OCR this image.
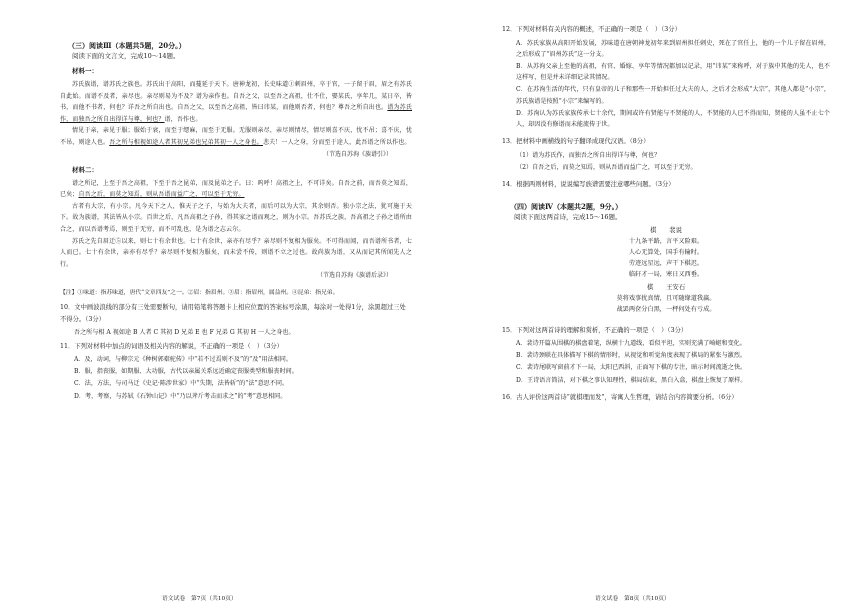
（三）阅读Ⅲ（本题共5题，20分。）
阅读下面的文言文，完成10～14题。
材料一：

苏氏族谱，谱苏氏之族也。苏氏出于高阳，而蔓延于天下。唐神龙初，长史味道①刺眉州，卒于官，一子留于眉，眉之有苏氏自此始。而谱不及者，亲尽也。亲尽则易为不及？谱为亲作也。自吾之父，以至吾之高祖，仕不仕，娶某氏，享年几，某日卒，皆书，而他不书者，何也？详吾之所自出也。自吾之父，以至吾之高祖，皆曰讳某，而他则否者，何也？尊吾之所自出也。谱为苏氏作，而独吾之所自出得详与尊，何也？谱，吾作也。

情见于亲，亲见于服；服始于衰，而至于缌麻，而至于无服。无服则亲尽，亲尽则情尽，情尽则喜不庆，忧不吊；喜不庆，忧不吊，则途人也。吾之所与相视如途人者其初兄弟也兄弟其初一人之身也。悲夫！一人之身，分而至于途人，此吾谱之所以作也。

（节选自苏洵《族谱引》）
材料二：

谱之所记，上至于吾之高祖，下至于吾之昆弟，而及昆弟之子。曰：呜呼！高祖之上，不可详矣。自吾之前，而吾莫之知焉，已矣；自吾之后，而莫之知焉，则从吾谱而益广之，可以至于无穷。

古者有大宗，有小宗。凡今天下之人，惟天子之子，与始为大夫者，而后可以为大宗，其余则否。独小宗之法，犹可施于天下。故为族谱，其法皆从小宗。百世之后，凡吾高祖之子孙，得其家之谱而观之，则为小宗。吾苏氏之族，吾高祖之子孙之谱所由合之，而以吾谱考焉，则至于无穷，而不可乱也，是为谱之志云尔。

苏氏之先自眉迁⑤以来，则七十有余世也。七十有余世，亲亦有尽乎？亲尽则不复相为服矣。不可得而闻，而吾谱所书者，七人而已。七十有余世，亲亦有尽乎？亲尽则不复相为服矣，而未尝不传，则谱不立之过也。故尚族为谱，又从而记其所闻先人之行。

（节选自苏洵《族谱后录》）
【注】①味道：指苏味道，唐代“文章四友”之一。②眉：指眉州。③眉：指眉州，属益州。④昆弟：指兄弟。
10．文中画波浪线的部分有三处需要断句，请用铅笔将答题卡上相应位置的答案标号涂黑，每涂对一处得1分，涂黑超过三处不得分。（3分）
吾之所与相 A 视如途 B 人者 C 其初 D 兄弟 E 也 F 兄弟 G 其初 H 一人之身也。
11．下列对材料中加点的词语及相关内容的解说，不正确的一项是（　）（3分）
A．及，动词，与柳宗元《种树郭橐驼传》中“若不过焉则不及”的“及”用法相同。
B．服，指丧服，如期服、大功服，古代以亲属关系远近确定丧服类型和服丧时间。
C．法，方法，与司马迁《史记·陈涉世家》中“失期，法皆斩”的“法”意思不同。
D．考，考察，与苏轼《石钟山记》中“乃以斧斤考击而求之”的“考”意思相同。
语文试卷　第7页（共10页）
12．下列对材料有关内容的概述，不正确的一项是（　）（3分）
A．苏氏家族从高阳开始发展，苏味道在唐朝神龙初年来到眉州担任刺史，死在了官任上，他的一个儿子留在眉州，之后形成了“眉州苏氏”这一分支。
B．从苏洵父亲上至他的高祖，有官、婚嫁、享年等情况都加以记录，用“讳某”来称呼，对于族中其他的先人，也不这样写，但是并未详细记录其情况。
C．在苏洵生活的年代，只有皇帝的儿子和那些一开始担任过大夫的人，之后才会形成“大宗”，其他人都是“小宗”，苏氏族谱是按照“小宗”来编写的。
D．苏洵认为苏氏家族传承七十余代，期间或许有贤能与不贤能的人，不贤能的人已不得而知，贤能的人虽不止七个人，却因没有修谱而未能流传于世。
13．把材料中画横线的句子翻译成现代汉语。（8分）
（1）谱为苏氏作，而独吾之所自出得详与尊，何也？
（2）自吾之后，而莫之知焉，则从吾谱而益广之，可以至于无穷。
14．根据两则材料，说说编写族谱需要注意哪些问题。（3分）
（四）阅读Ⅳ（本题共2题，9分。）
阅读下面这两首诗，完成15～16题。
棋　　裴说
十九条平路，言平又险艰。
人心无算处，国手有输时。
劳迹远星远，声干下棋迟。
临轩才一局，寒日又西垂。
棋　　王安石
莫将戏事扰真情，且可随缘道我赢。
战罢两奁分白黑，一枰何处有亏成。
15．下列对这两首诗的理解和赏析，不正确的一项是（　）（3分）
A．裴诗开篇从围棋的棋盘着笔，纵横十九道线，看似平坦，实则充满了崎岖和变化。
B．裴诗颈联在具体描写下棋的情形时，从视觉和听觉角度表现了棋局的紧张与激烈。
C．裴诗尾联写窗前才下一局，太阳已西斜，正面写下棋的专注，暗示时间流逝之快。
D．王诗语言简洁，对下棋之事认知理性，棋局结束，黑白入盒，棋盘上恢复了原样。
16．古人评价这两首诗“就棋理而发”，寄寓人生哲理，请结合内容简要分析。（6分）
语文试卷　第8页（共10页）
